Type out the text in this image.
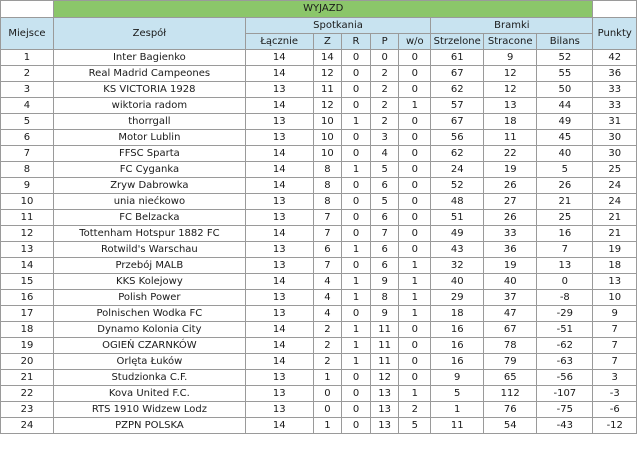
	WYJAZD									
Miejsce	Zespół	Spotkania					Bramki			Punkty
		Łącznie	Z	R	P	w/o	Strzelone	Stracone	Bilans	
1	Inter Bagienko	14	14	0	0	0	61	9	52	42
2	Real Madrid Campeones	14	12	0	2	0	67	12	55	36
3	KS VICTORIA 1928	13	11	0	2	0	62	12	50	33
4	wiktoria radom	14	12	0	2	1	57	13	44	33
5	thorrgall	13	10	1	2	0	67	18	49	31
6	Motor Lublin	13	10	0	3	0	56	11	45	30
7	FFSC Sparta	14	10	0	4	0	62	22	40	30
8	FC Cyganka	14	8	1	5	0	24	19	5	25
9	Zryw Dabrowka	14	8	0	6	0	52	26	26	24
10	unia niećkowo	13	8	0	5	0	48	27	21	24
11	FC Belzacka	13	7	0	6	0	51	26	25	21
12	Tottenham Hotspur 1882 FC	14	7	0	7	0	49	33	16	21
13	Rotwild's Warschau	13	6	1	6	0	43	36	7	19
14	Przebój MALB	13	7	0	6	1	32	19	13	18
15	KKS Kolejowy	14	4	1	9	1	40	40	0	13
16	Polish Power	13	4	1	8	1	29	37	-8	10
17	Polnischen Wodka FC	13	4	0	9	1	18	47	-29	9
18	Dynamo Kolonia City	14	2	1	11	0	16	67	-51	7
19	OGIEŃ CZARNKÓW	14	2	1	11	0	16	78	-62	7
20	Orlęta Łuków	14	2	1	11	0	16	79	-63	7
21	Studzionka C.F.	13	1	0	12	0	9	65	-56	3
22	Kova United F.C.	13	0	0	13	1	5	112	-107	-3
23	RTS 1910 Widzew Lodz	13	0	0	13	2	1	76	-75	-6
24	PZPN POLSKA	14	1	0	13	5	11	54	-43	-12
